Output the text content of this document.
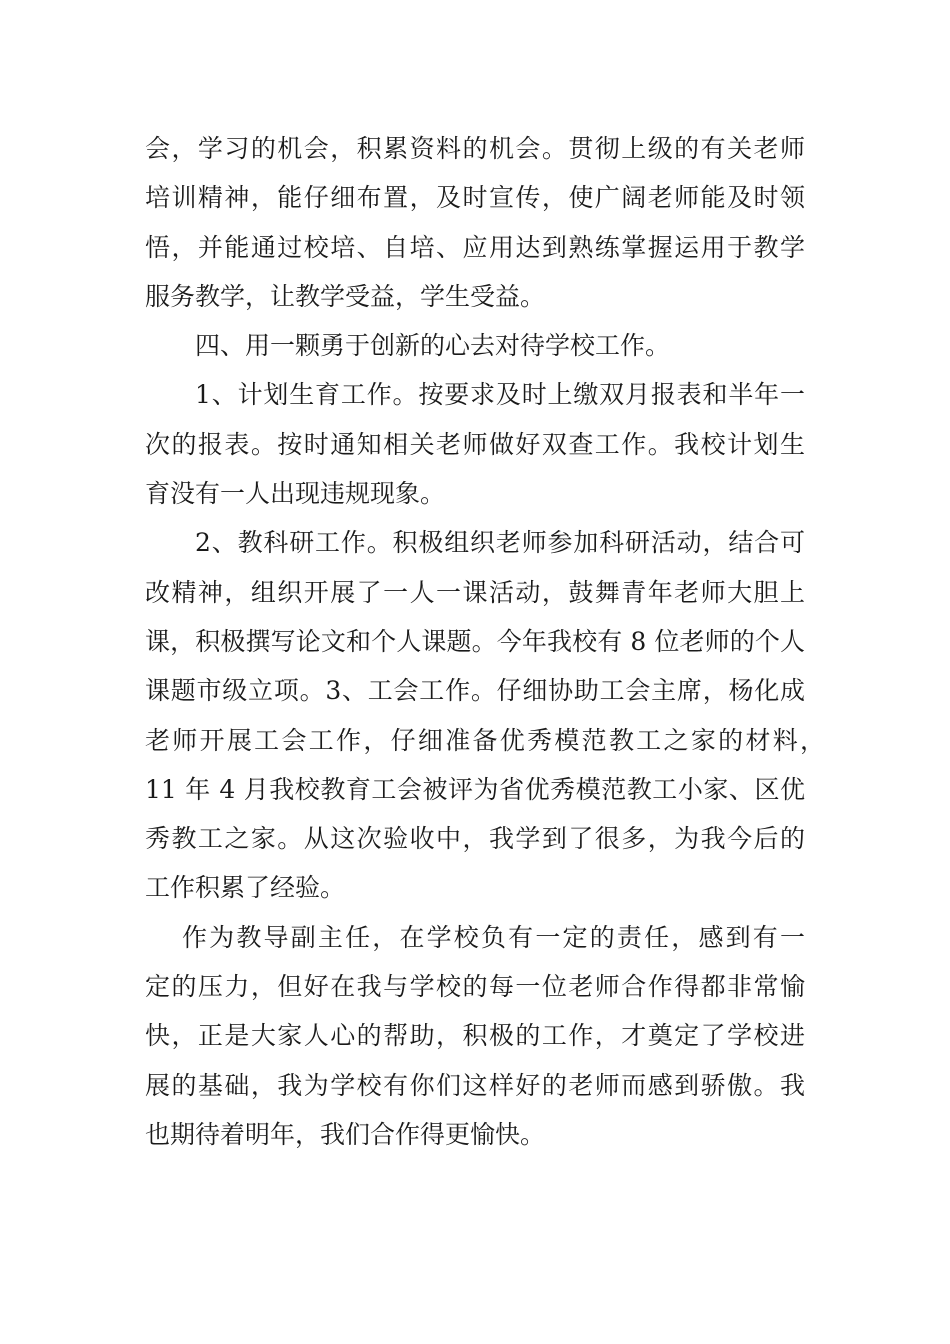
会，学习的机会，积累资料的机会。贯彻上级的有关老师
培训精神，能仔细布置，及时宣传，使广阔老师能及时领
悟，并能通过校培、自培、应用达到熟练掌握运用于教学
服务教学，让教学受益，学生受益。
四、用一颗勇于创新的心去对待学校工作。
1、计划生育工作。按要求及时上缴双月报表和半年一
次的报表。按时通知相关老师做好双查工作。我校计划生
育没有一人出现违规现象。
2、教科研工作。积极组织老师参加科研活动，结合可
改精神，组织开展了一人一课活动，鼓舞青年老师大胆上
课，积极撰写论文和个人课题。今年我校有 8 位老师的个人
课题市级立项。3、工会工作。仔细协助工会主席，杨化成
老师开展工会工作，仔细准备优秀模范教工之家的材料，
11 年 4 月我校教育工会被评为省优秀模范教工小家、区优
秀教工之家。从这次验收中，我学到了很多，为我今后的
工作积累了经验。
作为教导副主任，在学校负有一定的责任，感到有一
定的压力，但好在我与学校的每一位老师合作得都非常愉
快，正是大家人心的帮助，积极的工作，才奠定了学校进
展的基础，我为学校有你们这样好的老师而感到骄傲。我
也期待着明年，我们合作得更愉快。
